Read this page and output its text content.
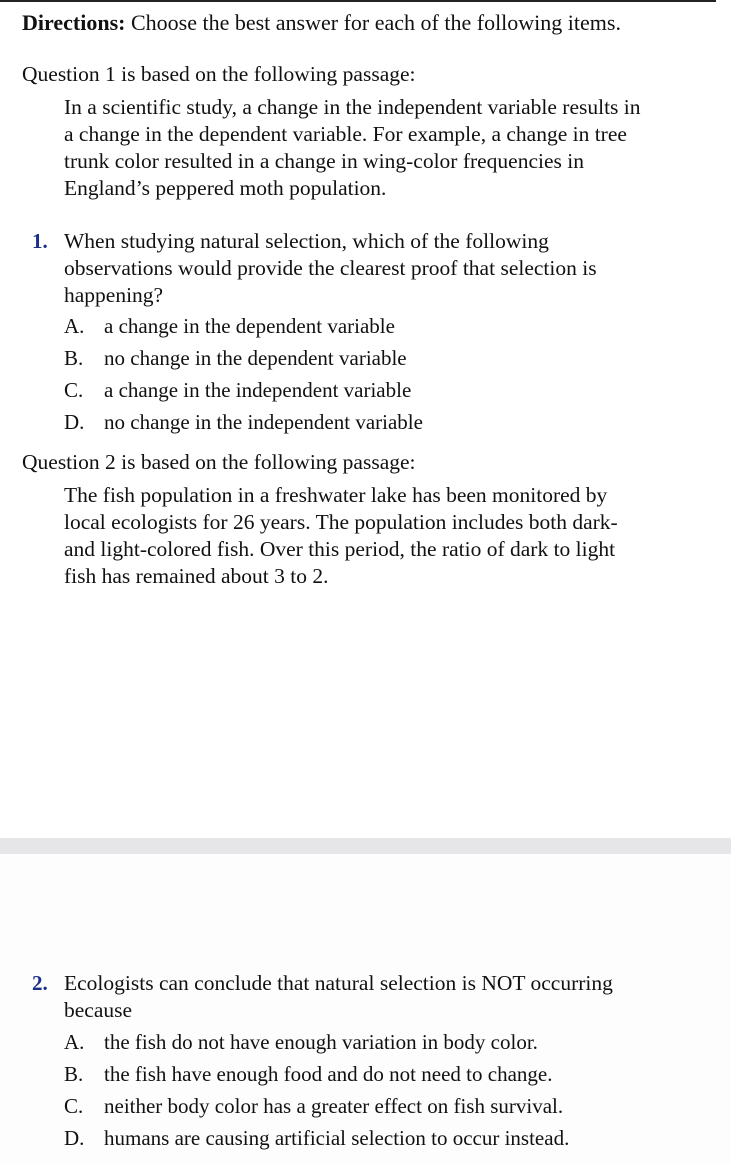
Directions: Choose the best answer for each of the following items.
Question 1 is based on the following passage:
In a scientific study, a change in the independent variable results in
a change in the dependent variable. For example, a change in tree
trunk color resulted in a change in wing-color frequencies in
England’s peppered moth population.
1. When studying natural selection, which of the following
observations would provide the clearest proof that selection is
happening?
A. a change in the dependent variable
B. no change in the dependent variable
C. a change in the independent variable
D. no change in the independent variable
Question 2 is based on the following passage:
The fish population in a freshwater lake has been monitored by
local ecologists for 26 years. The population includes both dark-
and light-colored fish. Over this period, the ratio of dark to light
fish has remained about 3 to 2.
2. Ecologists can conclude that natural selection is NOT occurring
because
A. the fish do not have enough variation in body color.
B. the fish have enough food and do not need to change.
C. neither body color has a greater effect on fish survival.
D. humans are causing artificial selection to occur instead.
